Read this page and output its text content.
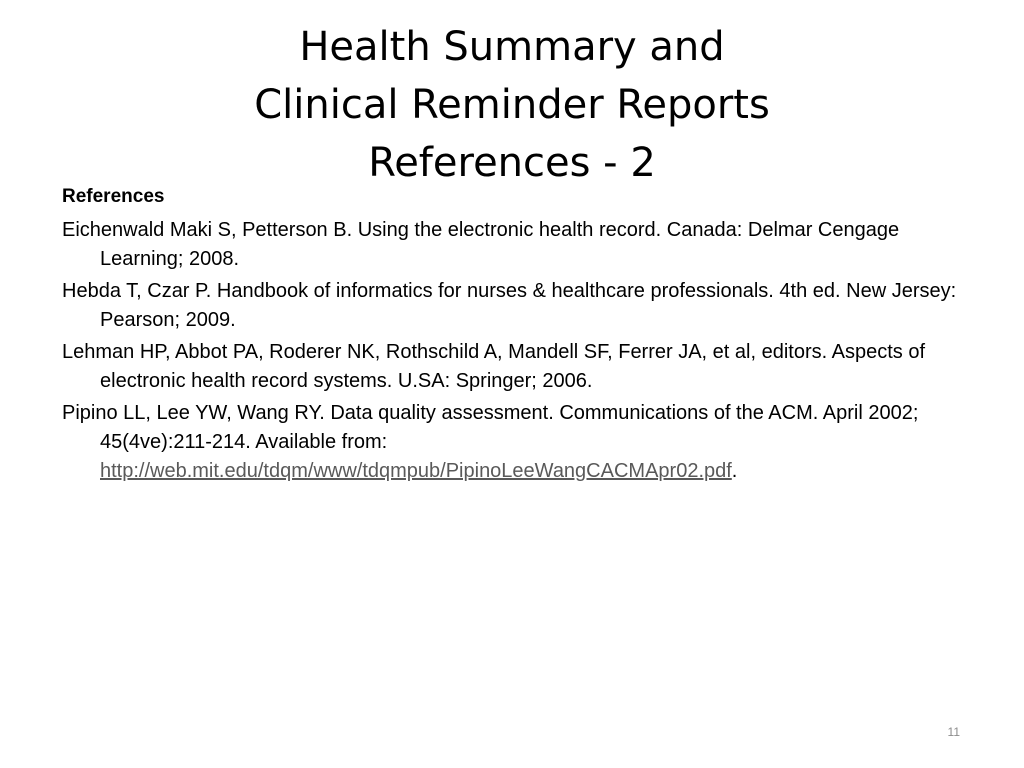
Health Summary and
Clinical Reminder Reports
References - 2
References

Eichenwald Maki S, Petterson B. Using the electronic health record. Canada: Delmar Cengage Learning; 2008.

Hebda T, Czar P. Handbook of informatics for nurses & healthcare professionals. 4th ed. New Jersey: Pearson; 2009.

Lehman HP, Abbot PA, Roderer NK, Rothschild A, Mandell SF, Ferrer JA, et al, editors. Aspects of electronic health record systems. U.SA: Springer; 2006.

Pipino LL, Lee YW, Wang RY. Data quality assessment. Communications of the ACM. April 2002; 45(4ve):211-214. Available from: http://web.mit.edu/tdqm/www/tdqmpub/PipinoLeeWangCACMApr02.pdf.

11
